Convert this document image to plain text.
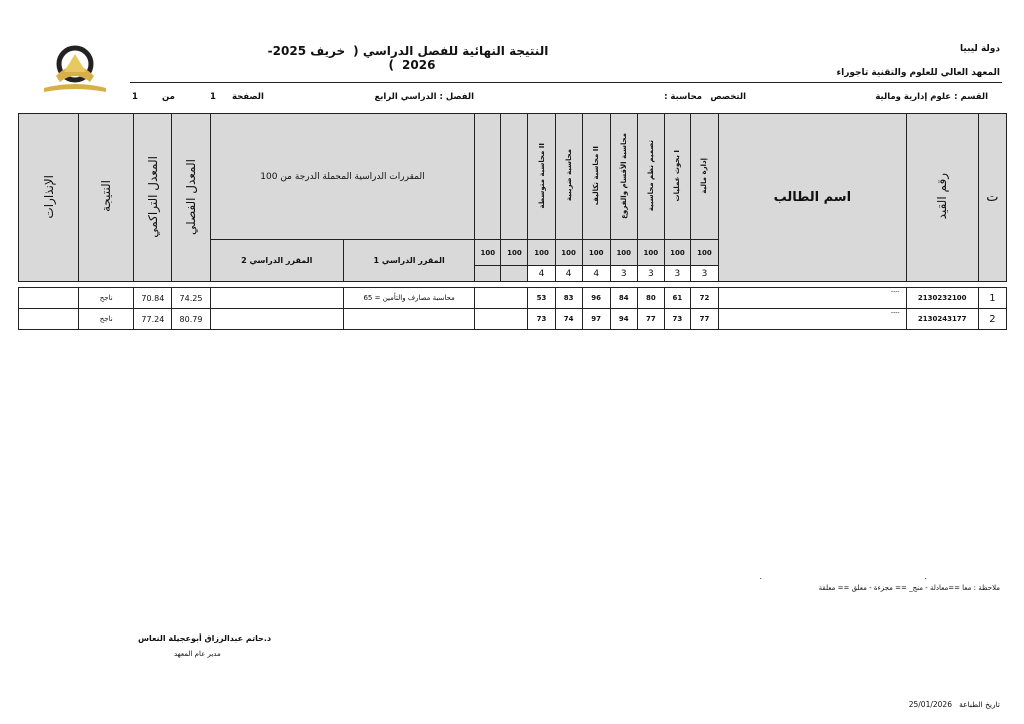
دولة ليبيا
المعهد العالي للعلوم والتقنية تاجوراء
النتيجة النهائية للفصل الدراسي (خريف 2025-2026)
القسم : علوم إدارية ومالية
التخصص
: محاسبة
الفصل : الدراسي الرابع
الصفحة
1
من
1
الإنذارات	النتيجة	المعدل التراكمي	المعدل الفصلي	المقررات الدراسية المحملة الدرجة من 100				محاسبة متوسطة II	محاسبة ضريبية	محاسبة تكاليف II	محاسبة الأقسام والفروع	تصميم نظم محاسبية	بحوث عمليات I	إدارة مالية	اسم الطالب	رقم القيد	ت
				المقرر الدراسي 2	المقرر الدراسي 1	100	100	100	100	100	100	100	100	100			
								4	4	4	3	3	3	3			

	ناجح	70.84	74.25		محاسبة مصارف والتأمين = 65			53	83	96	84	80	61	72	----	2130232100	1
	ناجح	77.24	80.79					73	74	97	94	77	73	77	----	2130243177	2
.	.
ملاحظة : معا ==معادلة - منج_ == مجزءة - معلق == معلقة
د.حاتم عبدالرزاق أبوعجيلة النعاس
مدير عام المعهد
25/01/2026 تاريخ الطباعة
